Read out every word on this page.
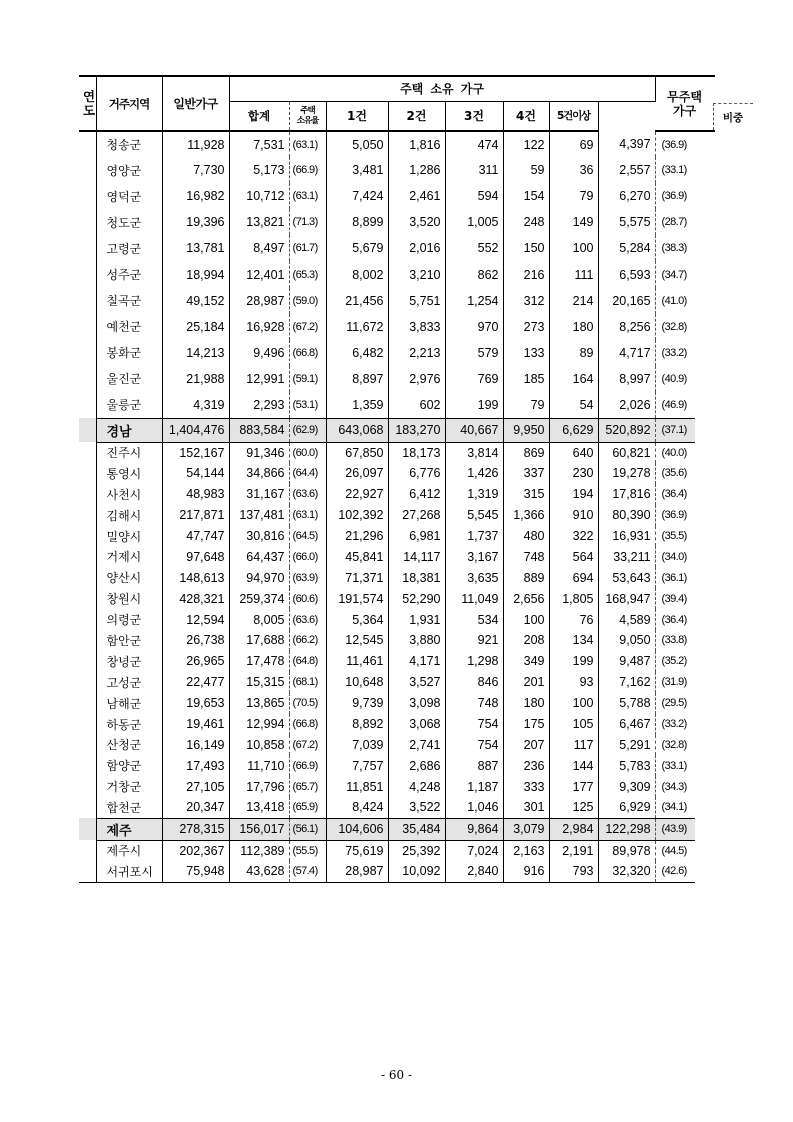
연 도	거주지역	일반가구	주택 소유 가구								무주택 가구 비중

			합계	주택 소유율	1건	2건	3건	4건	5건이상		
	청송군	11,928	7,531	(63.1)	5,050	1,816	474	122	69	4,397	(36.9)
	영양군	7,730	5,173	(66.9)	3,481	1,286	311	59	36	2,557	(33.1)
	영덕군	16,982	10,712	(63.1)	7,424	2,461	594	154	79	6,270	(36.9)
	청도군	19,396	13,821	(71.3)	8,899	3,520	1,005	248	149	5,575	(28.7)
	고령군	13,781	8,497	(61.7)	5,679	2,016	552	150	100	5,284	(38.3)
	성주군	18,994	12,401	(65.3)	8,002	3,210	862	216	111	6,593	(34.7)
	칠곡군	49,152	28,987	(59.0)	21,456	5,751	1,254	312	214	20,165	(41.0)
	예천군	25,184	16,928	(67.2)	11,672	3,833	970	273	180	8,256	(32.8)
	봉화군	14,213	9,496	(66.8)	6,482	2,213	579	133	89	4,717	(33.2)
	울진군	21,988	12,991	(59.1)	8,897	2,976	769	185	164	8,997	(40.9)
	울릉군	4,319	2,293	(53.1)	1,359	602	199	79	54	2,026	(46.9)
	경남	1,404,476	883,584	(62.9)	643,068	183,270	40,667	9,950	6,629	520,892	(37.1)
	진주시	152,167	91,346	(60.0)	67,850	18,173	3,814	869	640	60,821	(40.0)
	통영시	54,144	34,866	(64.4)	26,097	6,776	1,426	337	230	19,278	(35.6)
	사천시	48,983	31,167	(63.6)	22,927	6,412	1,319	315	194	17,816	(36.4)
	김해시	217,871	137,481	(63.1)	102,392	27,268	5,545	1,366	910	80,390	(36.9)
	밀양시	47,747	30,816	(64.5)	21,296	6,981	1,737	480	322	16,931	(35.5)
	거제시	97,648	64,437	(66.0)	45,841	14,117	3,167	748	564	33,211	(34.0)
	양산시	148,613	94,970	(63.9)	71,371	18,381	3,635	889	694	53,643	(36.1)
	창원시	428,321	259,374	(60.6)	191,574	52,290	11,049	2,656	1,805	168,947	(39.4)
	의령군	12,594	8,005	(63.6)	5,364	1,931	534	100	76	4,589	(36.4)
	함안군	26,738	17,688	(66.2)	12,545	3,880	921	208	134	9,050	(33.8)
	창녕군	26,965	17,478	(64.8)	11,461	4,171	1,298	349	199	9,487	(35.2)
	고성군	22,477	15,315	(68.1)	10,648	3,527	846	201	93	7,162	(31.9)
	남해군	19,653	13,865	(70.5)	9,739	3,098	748	180	100	5,788	(29.5)
	하동군	19,461	12,994	(66.8)	8,892	3,068	754	175	105	6,467	(33.2)
	산청군	16,149	10,858	(67.2)	7,039	2,741	754	207	117	5,291	(32.8)
	함양군	17,493	11,710	(66.9)	7,757	2,686	887	236	144	5,783	(33.1)
	거창군	27,105	17,796	(65.7)	11,851	4,248	1,187	333	177	9,309	(34.3)
	합천군	20,347	13,418	(65.9)	8,424	3,522	1,046	301	125	6,929	(34.1)
	제주	278,315	156,017	(56.1)	104,606	35,484	9,864	3,079	2,984	122,298	(43.9)
	제주시	202,367	112,389	(55.5)	75,619	25,392	7,024	2,163	2,191	89,978	(44.5)
	서귀포시	75,948	43,628	(57.4)	28,987	10,092	2,840	916	793	32,320	(42.6)
- 60 -
